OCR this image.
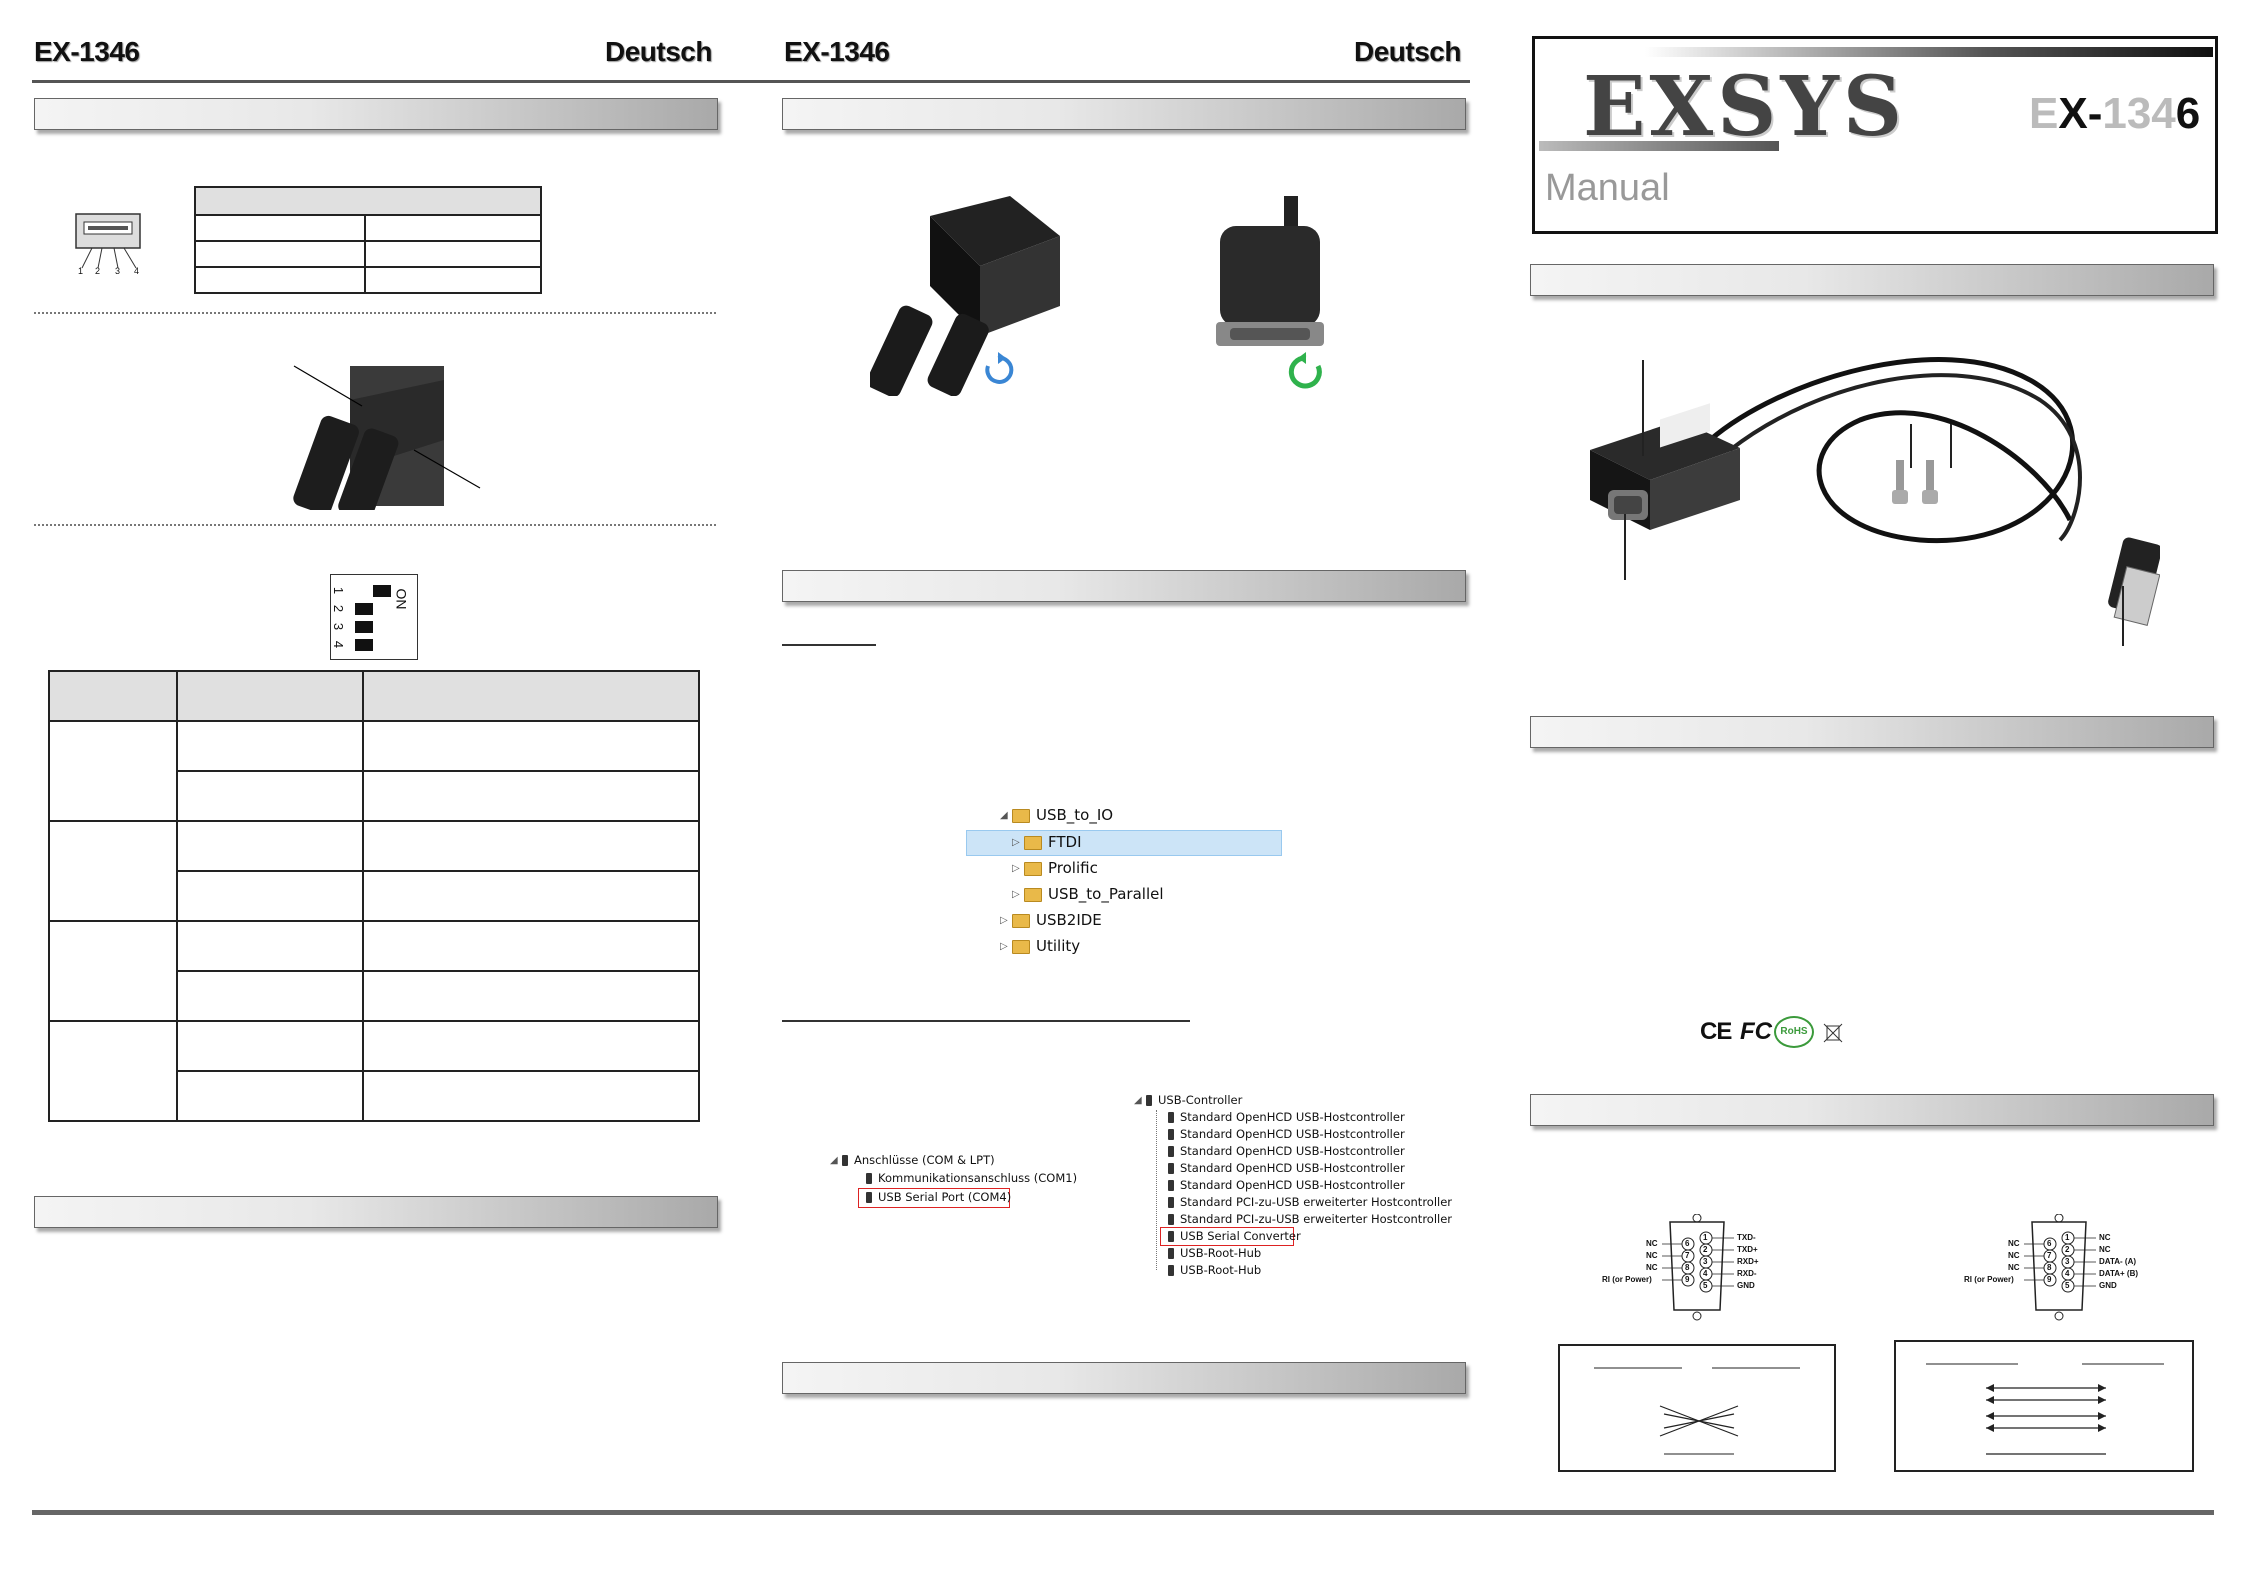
EX-1346	Deutsch
1 2 3 4

ON
1
2
3
4

EX-1346	Deutsch
◢ USB_to_IO
▷ FTDI
▷ Prolific
▷ USB_to_Parallel
▷ USB2IDE
▷ Utility
◢ Anschlüsse (COM & LPT)
Kommunikationsanschluss (COM1)
USB Serial Port (COM4)
◢ USB-Controller
Standard OpenHCD USB-Hostcontroller
Standard OpenHCD USB-Hostcontroller
Standard OpenHCD USB-Hostcontroller
Standard OpenHCD USB-Hostcontroller
Standard OpenHCD USB-Hostcontroller
Standard PCI-zu-USB erweiterter Hostcontroller
Standard PCI-zu-USB erweiterter Hostcontroller
USB Serial Converter
USB-Root-Hub
USB-Root-Hub
EXSYS
Manual
EX-1346
CE FC RoHS
1
2
3
4
5
6
7
8
9
TXD-
TXD+
RXD+
RXD-
GND
NC
NC
NC
RI (or Power)
1
2
3
4
5
6
7
8
9
NC
NC
DATA- (A)
DATA+ (B)
GND
NC
NC
NC
RI (or Power)
